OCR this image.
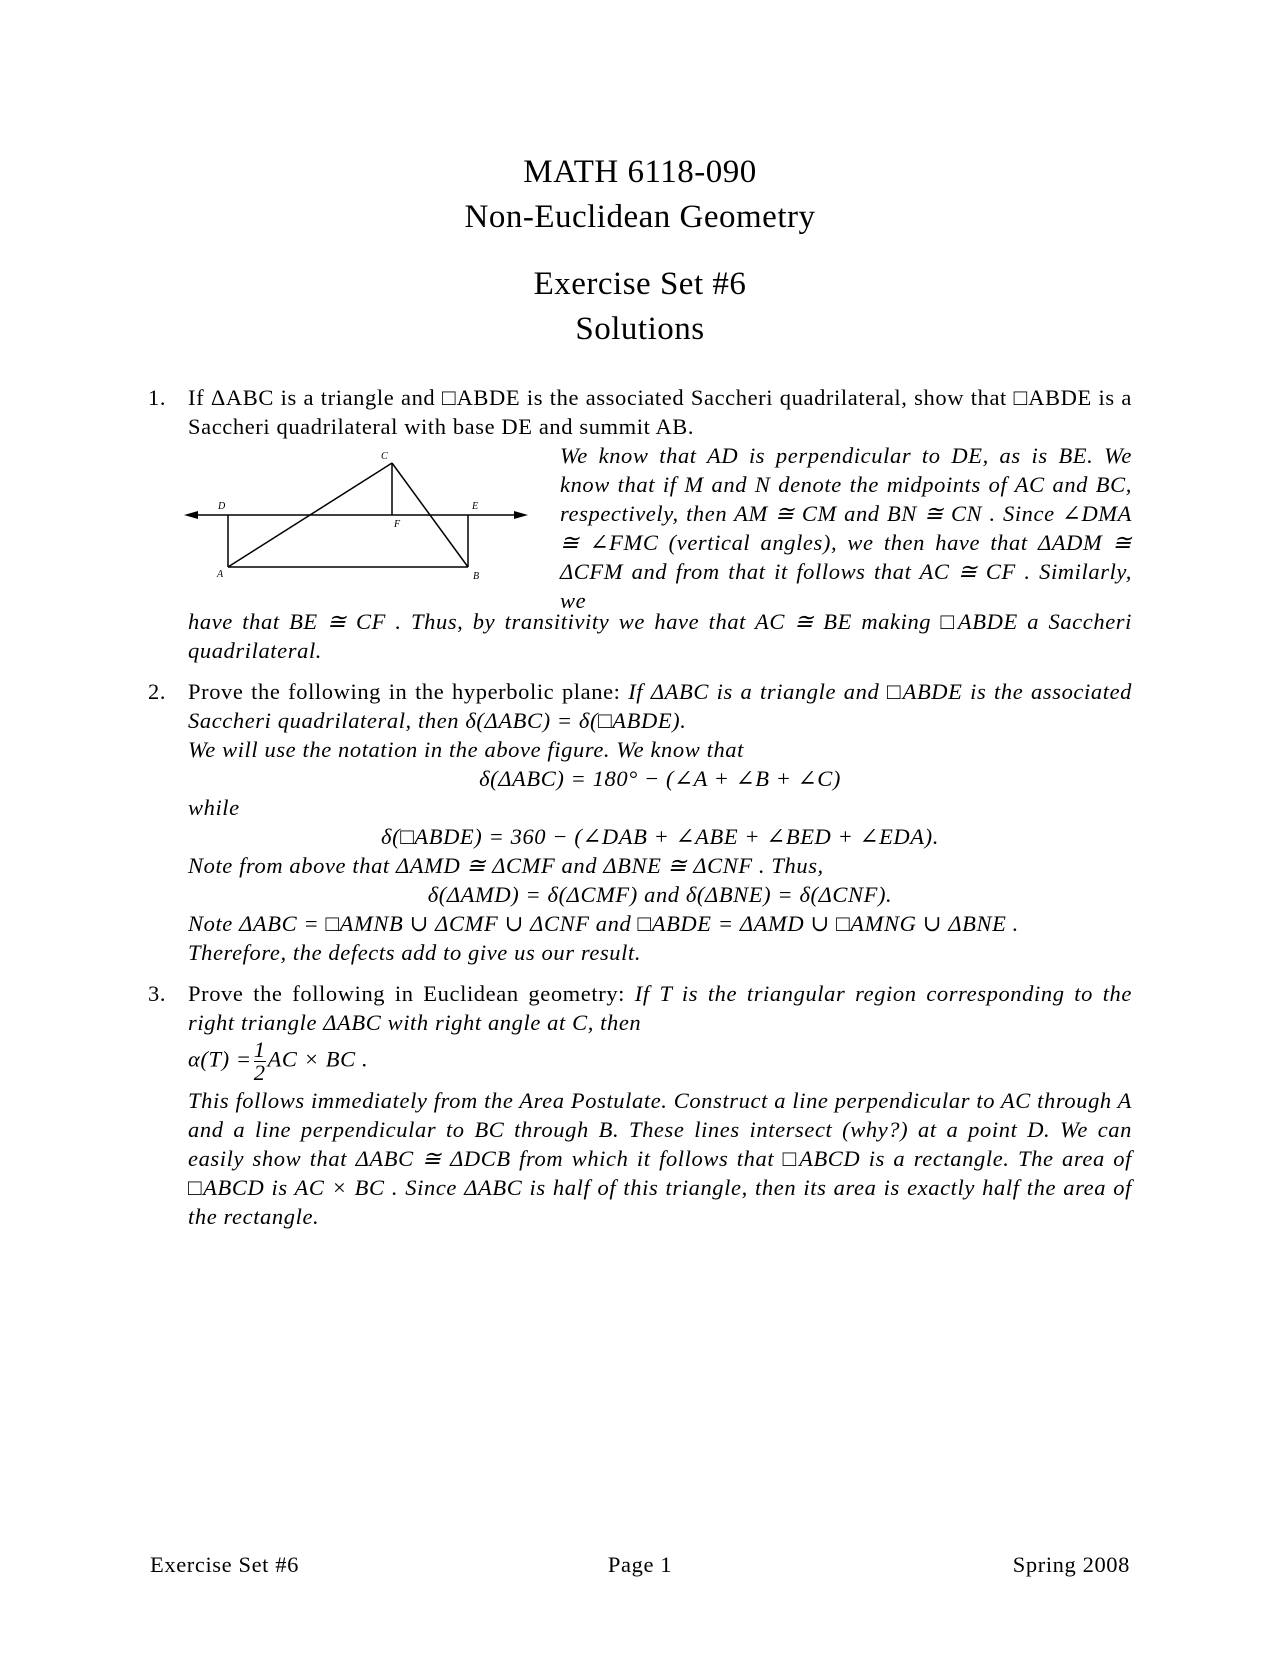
MATH 6118-090
Non-Euclidean Geometry
Exercise Set #6
Solutions
1. If ΔABC is a triangle and □ABDE is the associated Saccheri quadrilateral, show that □ABDE is a Saccheri quadrilateral with base DE and summit AB.
C
D	E
F
A	B
We know that AD is perpendicular to DE, as is BE. We know that if M and N denote the midpoints of AC and BC, respectively, then AM ≅ CM and BN ≅ CN . Since ∠DMA ≅ ∠FMC (vertical angles), we then have that ΔADM ≅ ΔCFM and from that it follows that AC ≅ CF . Similarly, we
have that BE ≅ CF . Thus, by transitivity we have that AC ≅ BE making □ABDE a Saccheri quadrilateral.
2. Prove the following in the hyperbolic plane: If ΔABC is a triangle and □ABDE is the associated Saccheri quadrilateral, then δ(ΔABC) = δ(□ABDE).
We will use the notation in the above figure. We know that
δ(ΔABC) = 180° − (∠A + ∠B + ∠C)
while
δ(□ABDE) = 360 − (∠DAB + ∠ABE + ∠BED + ∠EDA).
Note from above that ΔAMD ≅ ΔCMF and ΔBNE ≅ ΔCNF . Thus,
δ(ΔAMD) = δ(ΔCMF) and δ(ΔBNE) = δ(ΔCNF).
Note ΔABC = □AMNB ∪ ΔCMF ∪ ΔCNF and □ABDE = ΔAMD ∪ □AMNG ∪ ΔBNE .
Therefore, the defects add to give us our result.
3. Prove the following in Euclidean geometry: If T is the triangular region corresponding to the right triangle ΔABC with right angle at C, then
$\alpha(T) = \frac{1}{2}$ AC × BC .
This follows immediately from the Area Postulate. Construct a line perpendicular to AC through A and a line perpendicular to BC through B. These lines intersect (why?) at a point D. We can easily show that ΔABC ≅ ΔDCB from which it follows that □ABCD is a rectangle. The area of □ABCD is AC × BC . Since ΔABC is half of this triangle, then its area is exactly half the area of the rectangle.
Exercise Set #6	Page 1	Spring 2008
